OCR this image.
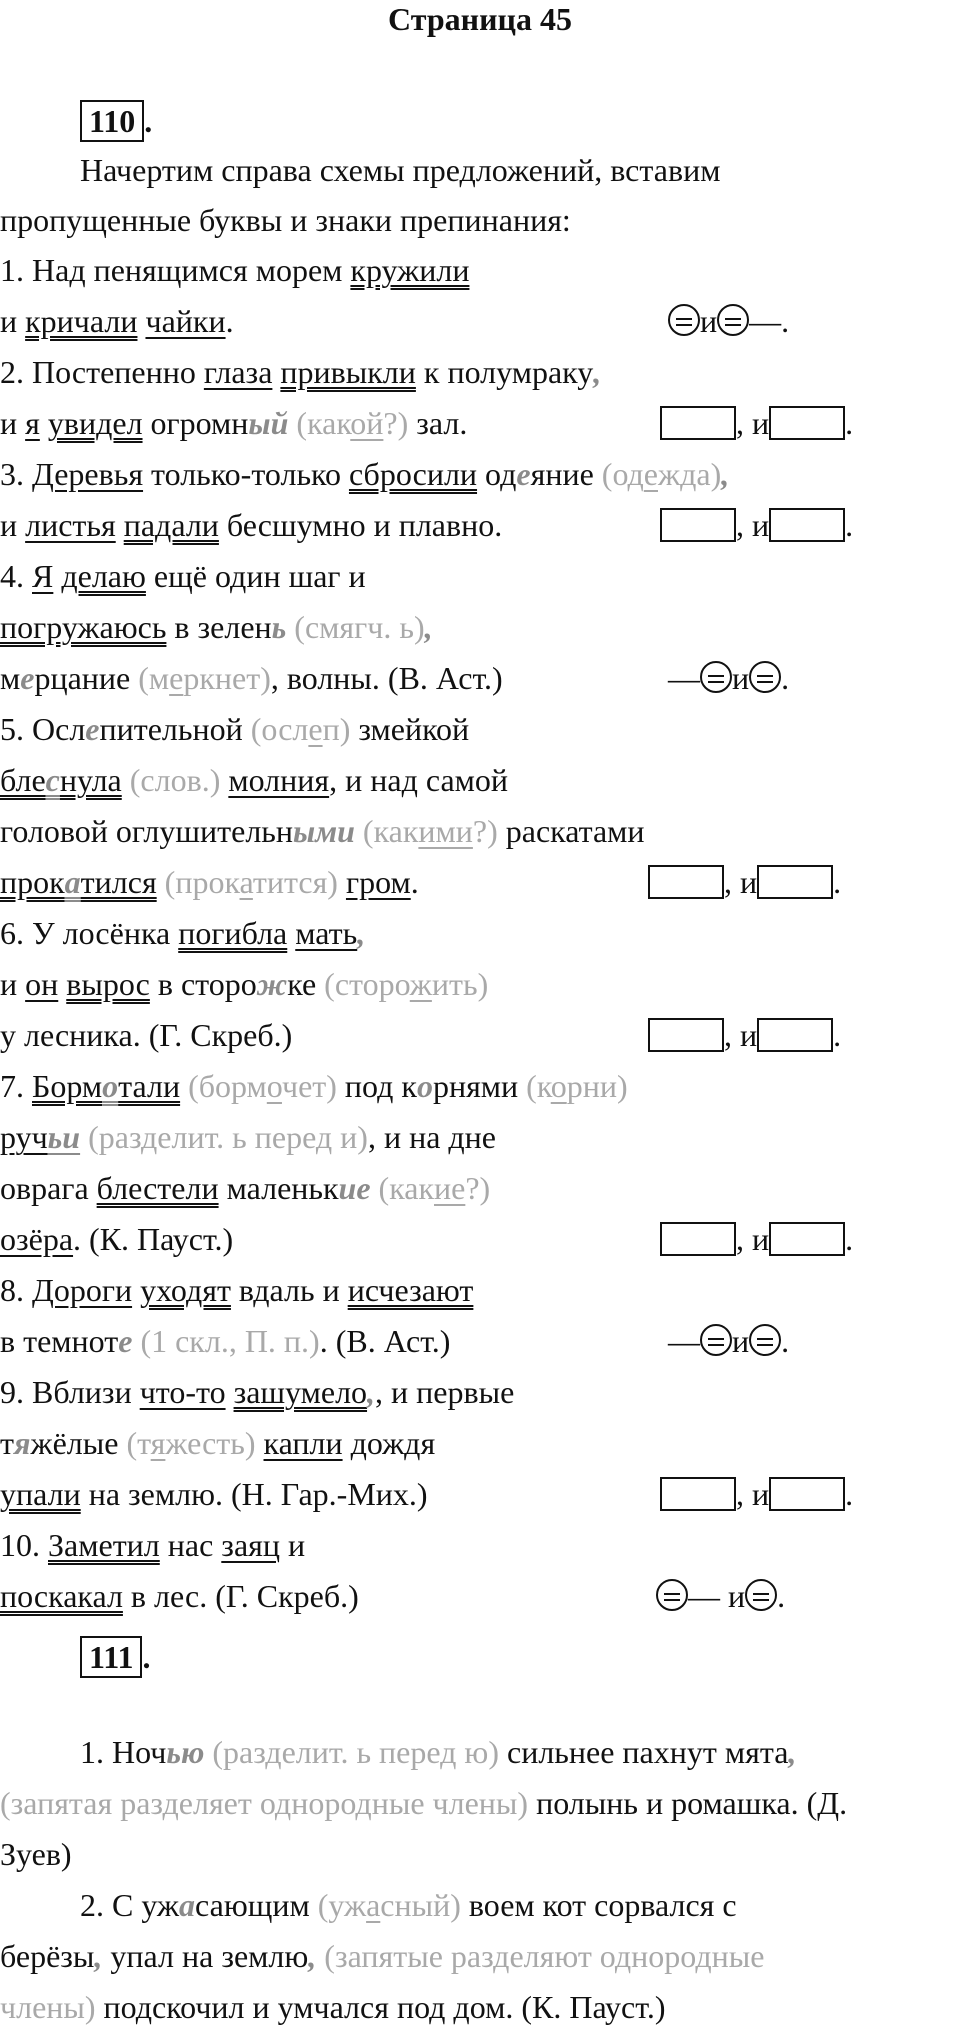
Страница 45
110 .
Начертим справа схемы предложений, вставим
пропущенные буквы и знаки препинания:
1. Над пенящимся морем кружили
и кричали чайки.	и —.
2. Постепенно глаза привыкли к полумраку,
и я увидел огромный (какой?) зал.	, и .
3. Деревья только-только сбросили одеяние (одежда),
и листья падали бесшумно и плавно.	, и .
4. Я делаю ещё один шаг и
погружаюсь в зелень (смягч. ь),
мерцание (меркнет), волны. (В. Аст.)	— и .
5. Ослепительной (ослеп) змейкой
блеснула (слов.) молния, и над самой
головой оглушительными (какими?) раскатами
прокатился (прокатится) гром.	, и .
6. У лосёнка погибла мать,
и он вырос в сторожке (сторожить)
у лесника. (Г. Скреб.)	, и .
7. Бормотали (бормочет) под корнями (корни)
ручьи (разделит. ь перед и), и на дне
оврага блестели маленькие (какие?)
озёра. (К. Пауст.)	, и .
8. Дороги уходят вдаль и исчезают
в темноте (1 скл., П. п.). (В. Аст.)	— и .
9. Вблизи что-то зашумело,, и первые
тяжёлые (тяжесть) капли дождя
упали на землю. (Н. Гар.-Мих.)	, и .
10. Заметил нас заяц и
поскакал в лес. (Г. Скреб.)	— и .
111 .
1. Ночью (разделит. ь перед ю) сильнее пахнут мята,
(запятая разделяет однородные члены) полынь и ромашка. (Д.
Зуев)
2. С ужасающим (ужасный) воем кот сорвался с
берёзы, упал на землю, (запятые разделяют однородные
члены) подскочил и умчался под дом. (К. Пауст.)
